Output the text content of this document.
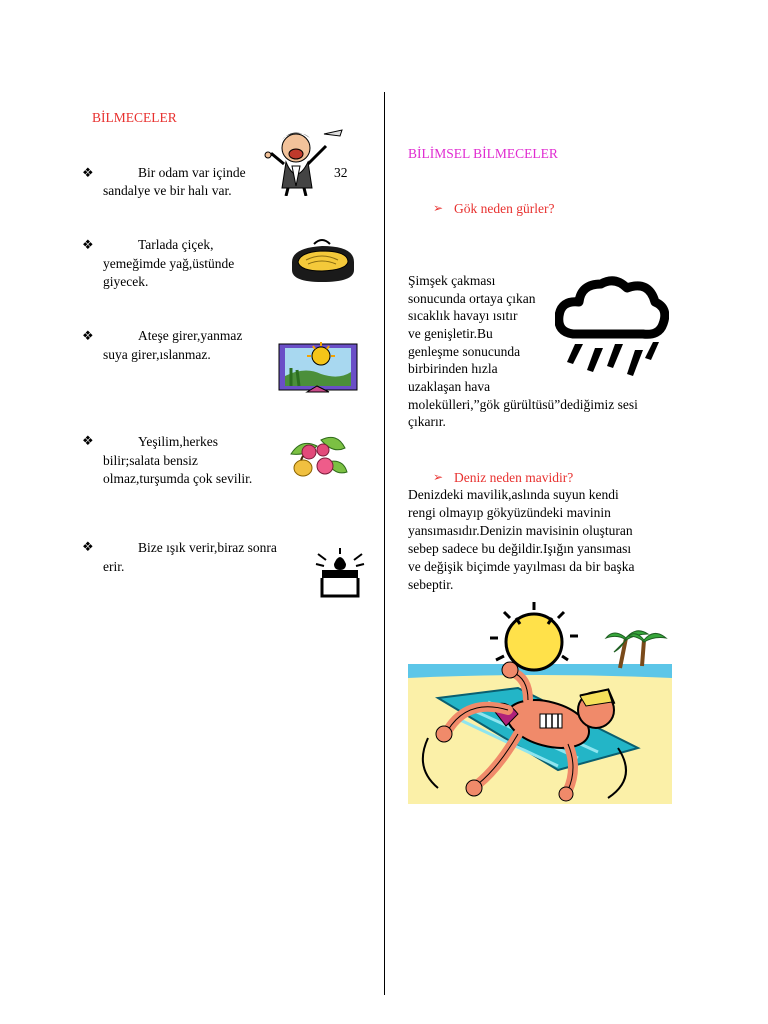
BİLMECELER
❖	Bir odam var içinde	32
sandalye ve bir halı var.
❖	Tarlada çiçek,
yemeğimde yağ,üstünde
giyecek.
❖	Ateşe girer,yanmaz
suya girer,ıslanmaz.
❖	Yeşilim,herkes
bilir;salata bensiz
olmaz,turşumda çok sevilir.
❖	Bize ışık verir,biraz sonra
erir.
BİLİMSEL BİLMECELER
➢ Gök neden gürler?
Şimşek çakması
sonucunda ortaya çıkan
sıcaklık havayı ısıtır
ve genişletir.Bu
genleşme sonucunda
birbirinden hızla
uzaklaşan hava
molekülleri,”gök gürültüsü”dediğimiz sesi
çıkarır.
➢ Deniz neden mavidir?
Denizdeki mavilik,aslında suyun kendi
rengi olmayıp gökyüzündeki mavinin
yansımasıdır.Denizin mavisinin oluşturan
sebep sadece bu değildir.Işığın yansıması
ve değişik biçimde yayılması da bir başka
sebeptir.
